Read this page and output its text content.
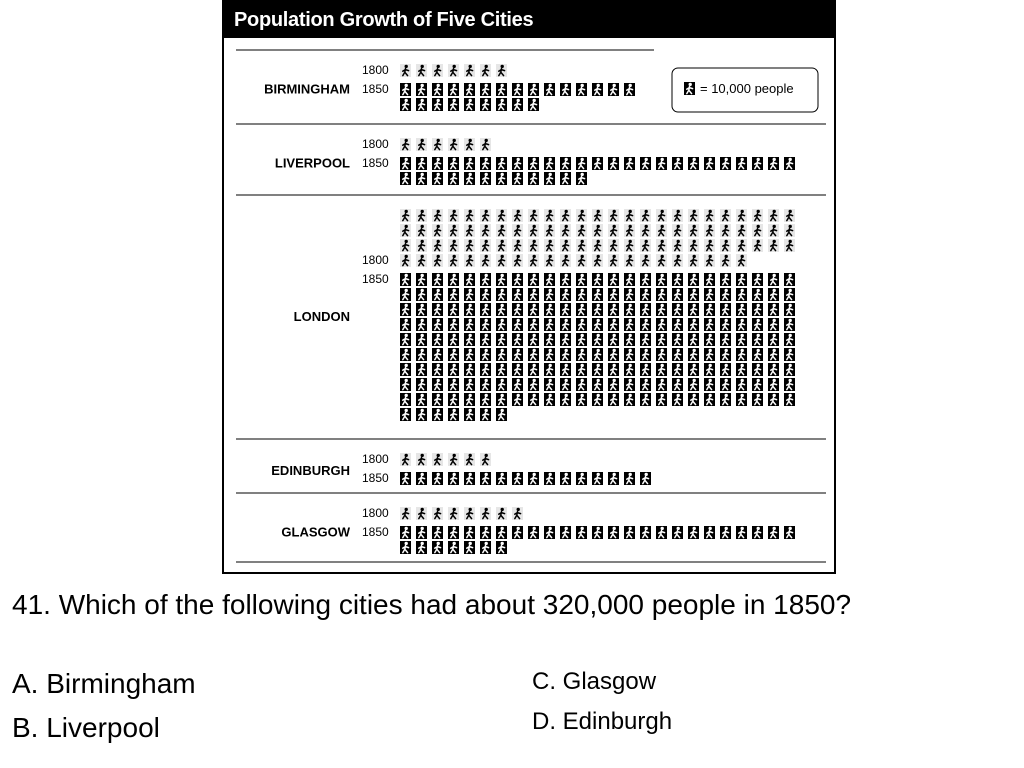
Population Growth of Five Cities
1800
1850
BIRMINGHAM
1800
1850
LIVERPOOL
1800
1850
LONDON
1800
1850
EDINBURGH
1800
1850
GLASGOW
= 10,000 people
41. Which of the following cities had about 320,000 people in 1850?
A. Birmingham
B. Liverpool
C. Glasgow
D. Edinburgh
